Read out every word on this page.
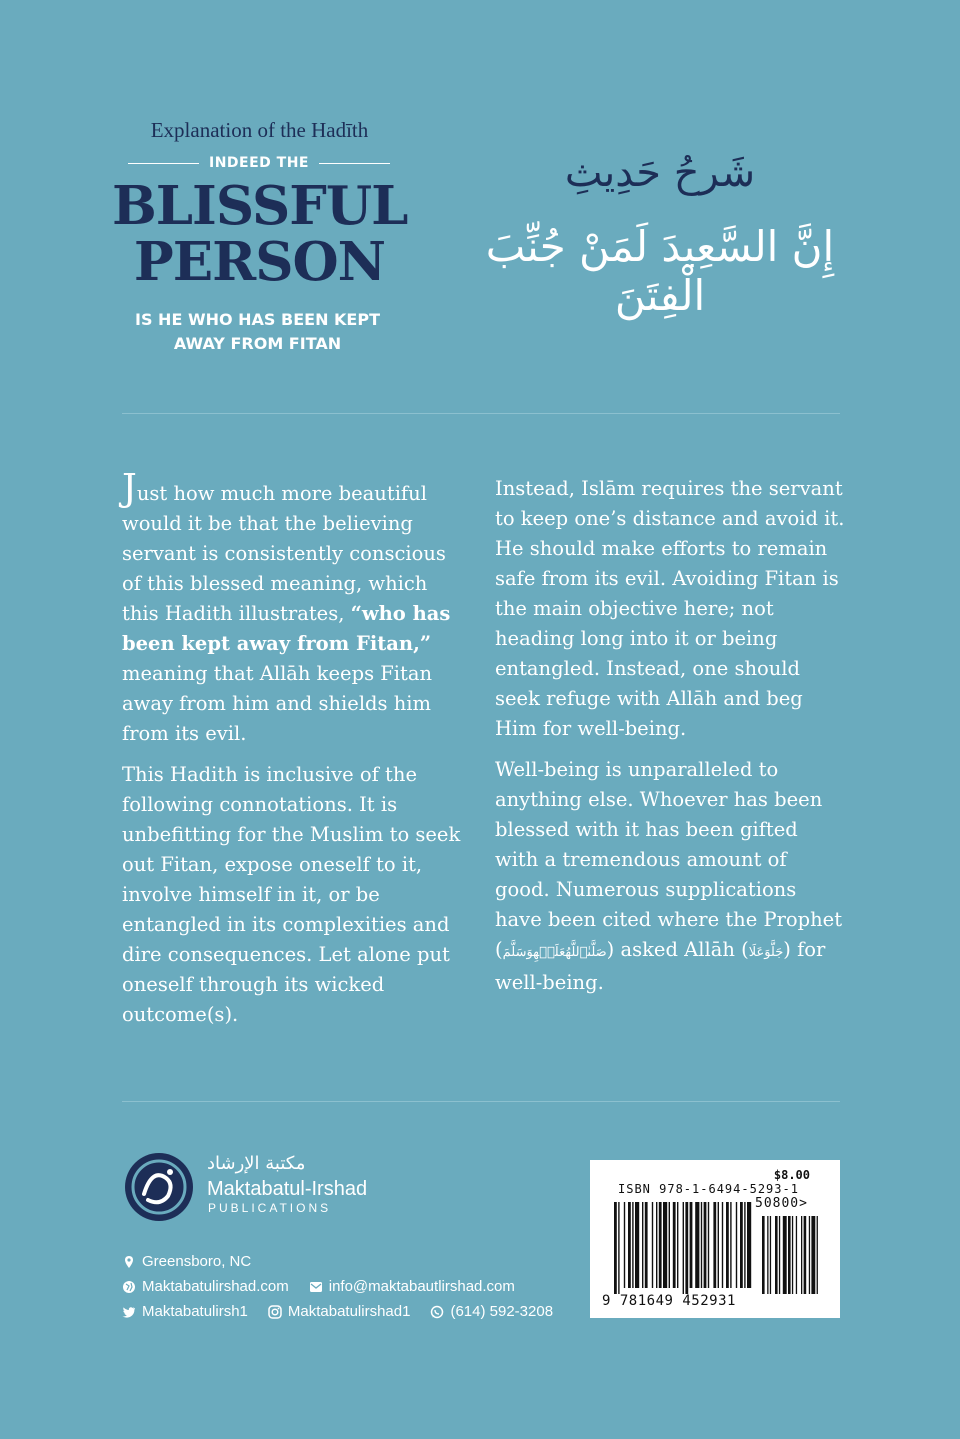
Explanation of the Hadīth
INDEED THE
BLISSFUL
PERSON
IS HE WHO HAS BEEN KEPT
AWAY FROM FITAN
شَرحُ حَدِيثِ
إِنَّ السَّعِيدَ لَمَنْ جُنِّبَ الْفِتَنَ

Just how much more beautiful would it be that the believing servant is consistently conscious of this blessed meaning, which this Hadith illustrates, “who has been kept away from Fitan,” meaning that Allāh keeps Fitan away from him and shields him from its evil.

This Hadith is inclusive of the following connotations. It is unbefitting for the Muslim to seek out Fitan, expose oneself to it, involve himself in it, or be entangled in its complexities and dire consequences. Let alone put oneself through its wicked outcome(s).

Instead, Islām requires the servant to keep one’s distance and avoid it. He should make efforts to remain safe from its evil. Avoiding Fitan is the main objective here; not heading long into it or being entangled. Instead, one should seek refuge with Allāh and beg Him for well-being.

Well-being is unparalleled to anything else. Whoever has been blessed with it has been gifted with a tremendous amount of good. Numerous supplications have been cited where the Prophet (صَلَّىٰٱللَّهُعَلَيۡهِوَسَلَّمَ) asked Allāh (جَلَّوَعَلَا) for well-being.

مكتبة الإرشاد
Maktabatul-Irshad
PUBLICATIONS
Greensboro, NC
Maktabatulirshad.com	info@maktabautlirshad.com
Maktabatulirsh1	Maktabatulirshad1	(614) 592-3208
$8.00
ISBN 978-1-6494-5293-1
50800>
9 781649 452931
